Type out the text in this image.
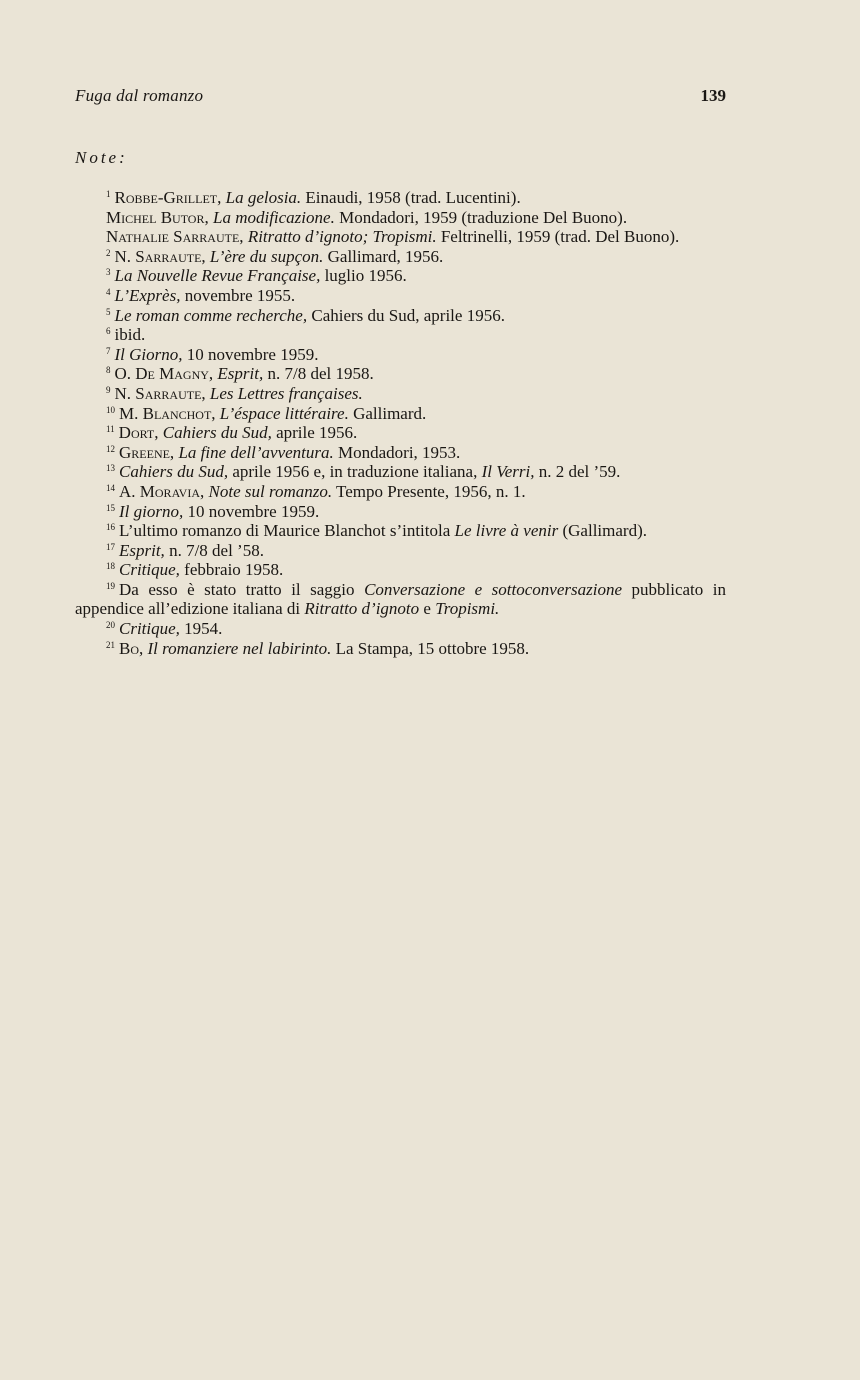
Fuga dal romanzo	139
Note:

$^1$ Robbe-Grillet, La gelosia. Einaudi, 1958 (trad. Lucentini).

Michel Butor, La modificazione. Mondadori, 1959 (traduzione Del Buono).

Nathalie Sarraute, Ritratto d’ignoto; Tropismi. Feltrinelli, 1959 (trad. Del Buono).

$^2$ N. Sarraute, L’ère du supçon. Gallimard, 1956.

$^3$ La Nouvelle Revue Française, luglio 1956.

$^4$ L’Exprès, novembre 1955.

$^5$ Le roman comme recherche, Cahiers du Sud, aprile 1956.

$^6$ ibid.

$^7$ Il Giorno, 10 novembre 1959.

$^8$ O. De Magny, Esprit, n. 7/8 del 1958.

$^9$ N. Sarraute, Les Lettres françaises.

$^{10}$ M. Blanchot, L’éspace littéraire. Gallimard.

$^{11}$ Dort, Cahiers du Sud, aprile 1956.

$^{12}$ Greene, La fine dell’avventura. Mondadori, 1953.

$^{13}$ Cahiers du Sud, aprile 1956 e, in traduzione italiana, Il Verri, n. 2 del ’59.

$^{14}$ A. Moravia, Note sul romanzo. Tempo Presente, 1956, n. 1.

$^{15}$ Il giorno, 10 novembre 1959.

$^{16}$ L’ultimo romanzo di Maurice Blanchot s’intitola Le livre à venir (Gallimard).

$^{17}$ Esprit, n. 7/8 del ’58.

$^{18}$ Critique, febbraio 1958.

$^{19}$ Da esso è stato tratto il saggio Conversazione e sottoconversazione pubblicato in appendice all’edizione italiana di Ritratto d’ignoto e Tropismi.

$^{20}$ Critique, 1954.

$^{21}$ Bo, Il romanziere nel labirinto. La Stampa, 15 ottobre 1958.
